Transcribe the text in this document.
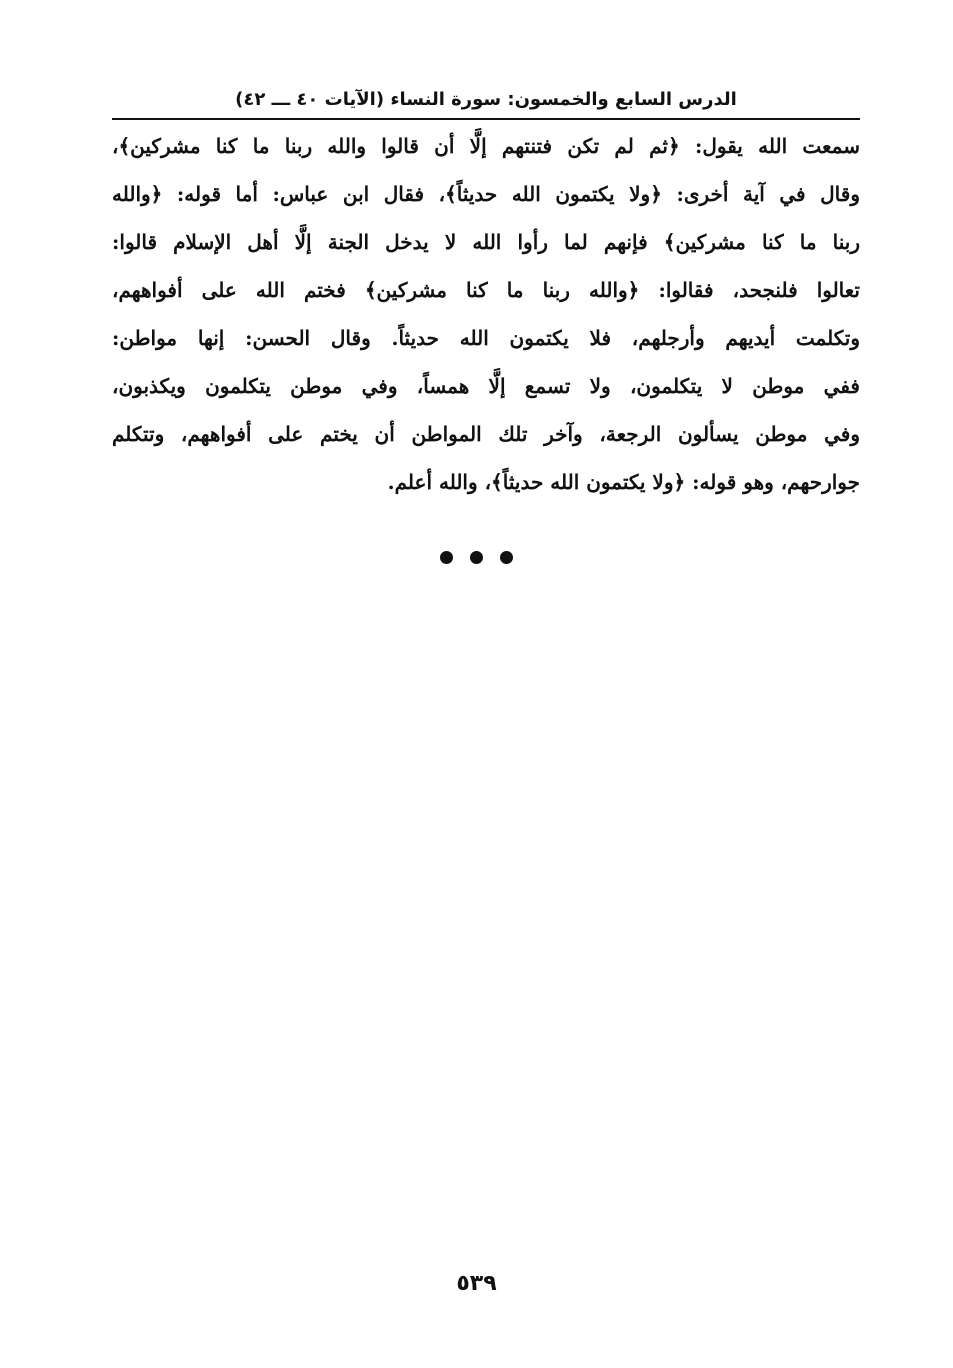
الدرس السابع والخمسون: سورة النساء (الآيات ٤٠ ـــ ٤٢)
سمعت الله يقول: ﴿ثم لم تكن فتنتهم إلَّا أن قالوا والله ربنا ما كنا مشركين﴾،
وقال في آية أخرى: ﴿ولا يكتمون الله حديثاً﴾، فقال ابن عباس: أما قوله: ﴿والله
ربنا ما كنا مشركين﴾ فإنهم لما رأوا الله لا يدخل الجنة إلَّا أهل الإسلام قالوا:
تعالوا فلنجحد، فقالوا: ﴿والله ربنا ما كنا مشركين﴾ فختم الله على أفواههم،
وتكلمت أيديهم وأرجلهم، فلا يكتمون الله حديثاً. وقال الحسن: إنها مواطن:
ففي موطن لا يتكلمون، ولا تسمع إلَّا همساً، وفي موطن يتكلمون ويكذبون،
وفي موطن يسألون الرجعة، وآخر تلك المواطن أن يختم على أفواههم، وتتكلم
جوارحهم، وهو قوله: ﴿ولا يكتمون الله حديثاً﴾، والله أعلم.
٥٣٩
